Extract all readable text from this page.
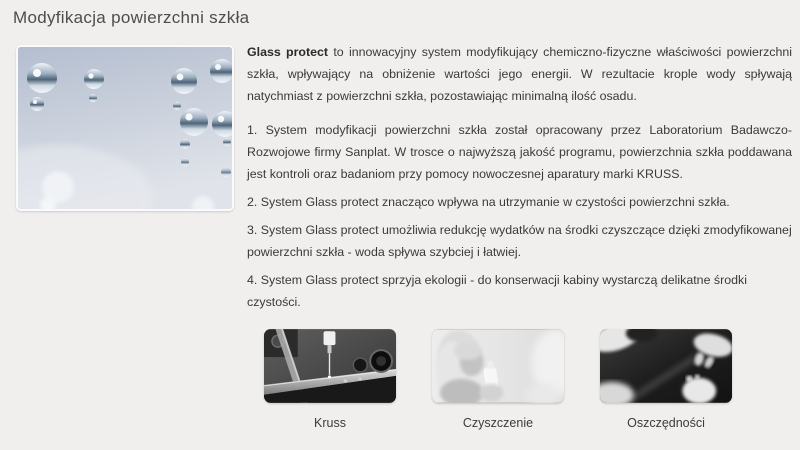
Modyfikacja powierzchni szkła

Glass protect to innowacyjny system modyfikujący chemiczno-fizyczne właściwości powierzchni szkła, wpływający na obniżenie wartości jego energii. W rezultacie krople wody spływają natychmiast z powierzchni szkła, pozostawiając minimalną ilość osadu.

1. System modyfikacji powierzchni szkła został opracowany przez Laboratorium Badawczo-Rozwojowe firmy Sanplat. W trosce o najwyższą jakość programu, powierzchnia szkła poddawana jest kontroli oraz badaniom przy pomocy nowoczesnej aparatury marki KRUSS.

2. System Glass protect znacząco wpływa na utrzymanie w czystości powierzchni szkła.

3. System Glass protect umożliwia redukcję wydatków na środki czyszczące dzięki zmodyfikowanej powierzchni szkła - woda spływa szybciej i łatwiej.

4. System Glass protect sprzyja ekologii - do konserwacji kabiny wystarczą delikatne środki czystości.

Kruss	Czyszczenie	Oszczędności
